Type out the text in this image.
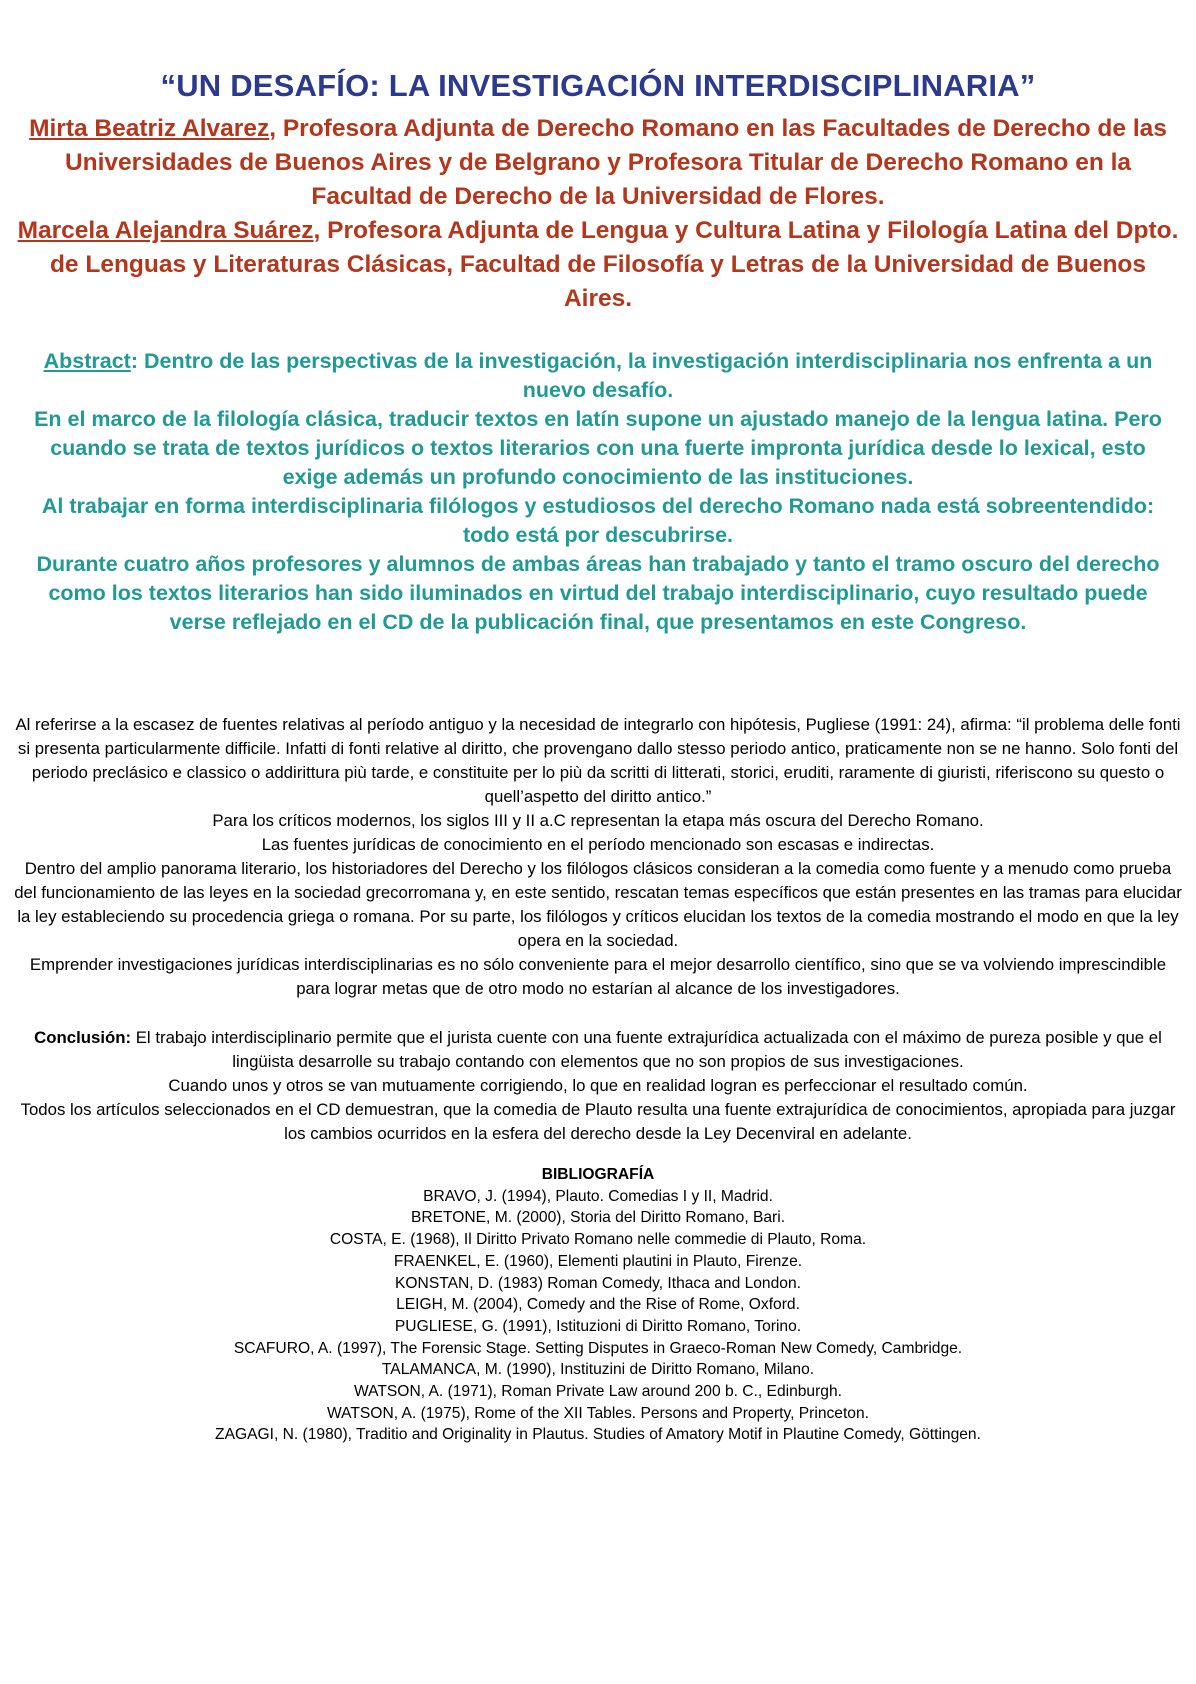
“UN DESAFÍO: LA INVESTIGACIÓN INTERDISCIPLINARIA”
Mirta Beatriz Alvarez, Profesora Adjunta de Derecho Romano en las Facultades de Derecho de las Universidades de Buenos Aires y de Belgrano y Profesora Titular de Derecho Romano en la Facultad de Derecho de la Universidad de Flores.
Marcela Alejandra Suárez, Profesora Adjunta de Lengua y Cultura Latina y Filología Latina del Dpto. de Lenguas y Literaturas Clásicas, Facultad de Filosofía y Letras de la Universidad de Buenos Aires.

Abstract: Dentro de las perspectivas de la investigación, la investigación interdisciplinaria nos enfrenta a un nuevo desafío.

En el marco de la filología clásica, traducir textos en latín supone un ajustado manejo de la lengua latina. Pero cuando se trata de textos jurídicos o textos literarios con una fuerte impronta jurídica desde lo lexical, esto exige además un profundo conocimiento de las instituciones.

Al trabajar en forma interdisciplinaria filólogos y estudiosos del derecho Romano nada está sobreentendido: todo está por descubrirse.

Durante cuatro años profesores y alumnos de ambas áreas han trabajado y tanto el tramo oscuro del derecho como los textos literarios han sido iluminados en virtud del trabajo interdisciplinario, cuyo resultado puede verse reflejado en el CD de la publicación final, que presentamos en este Congreso.

Al referirse a la escasez de fuentes relativas al período antiguo y la necesidad de integrarlo con hipótesis, Pugliese (1991: 24), afirma: “il problema delle fonti si presenta particularmente difficile. Infatti di fonti relative al diritto, che provengano dallo stesso periodo antico, praticamente non se ne hanno. Solo fonti del periodo preclásico e classico o addirittura più tarde, e constituite per lo più da scritti di litterati, storici, eruditi, raramente di giuristi, riferiscono su questo o quell’aspetto del diritto antico.”

Para los críticos modernos, los siglos III y II a.C representan la etapa más oscura del Derecho Romano.

Las fuentes jurídicas de conocimiento en el período mencionado son escasas e indirectas.

Dentro del amplio panorama literario, los historiadores del Derecho y los filólogos clásicos consideran a la comedia como fuente y a menudo como prueba del funcionamiento de las leyes en la sociedad grecorromana y, en este sentido, rescatan temas específicos que están presentes en las tramas para elucidar la ley estableciendo su procedencia griega o romana. Por su parte, los filólogos y críticos elucidan los textos de la comedia mostrando el modo en que la ley opera en la sociedad.

Emprender investigaciones jurídicas interdisciplinarias es no sólo conveniente para el mejor desarrollo científico, sino que se va volviendo imprescindible para lograr metas que de otro modo no estarían al alcance de los investigadores.

Conclusión: El trabajo interdisciplinario permite que el jurista cuente con una fuente extrajurídica actualizada con el máximo de pureza posible y que el lingüista desarrolle su trabajo contando con elementos que no son propios de sus investigaciones.

Cuando unos y otros se van mutuamente corrigiendo, lo que en realidad logran es perfeccionar el resultado común.

Todos los artículos seleccionados en el CD demuestran, que la comedia de Plauto resulta una fuente extrajurídica de conocimientos, apropiada para juzgar los cambios ocurridos en la esfera del derecho desde la Ley Decenviral en adelante.

BIBLIOGRAFÍA
BRAVO, J. (1994), Plauto. Comedias I y II, Madrid.
BRETONE, M. (2000), Storia del Diritto Romano, Bari.
COSTA, E. (1968), Il Diritto Privato Romano nelle commedie di Plauto, Roma.
FRAENKEL, E. (1960), Elementi plautini in Plauto, Firenze.
KONSTAN, D. (1983) Roman Comedy, Ithaca and London.
LEIGH, M. (2004), Comedy and the Rise of Rome, Oxford.
PUGLIESE, G. (1991), Istituzioni di Diritto Romano, Torino.
SCAFURO, A. (1997), The Forensic Stage. Setting Disputes in Graeco-Roman New Comedy, Cambridge.
TALAMANCA, M. (1990), Instituzini de Diritto Romano, Milano.
WATSON, A. (1971), Roman Private Law around 200 b. C., Edinburgh.
WATSON, A. (1975), Rome of the XII Tables. Persons and Property, Princeton.
ZAGAGI, N. (1980), Traditio and Originality in Plautus. Studies of Amatory Motif in Plautine Comedy, Göttingen.
